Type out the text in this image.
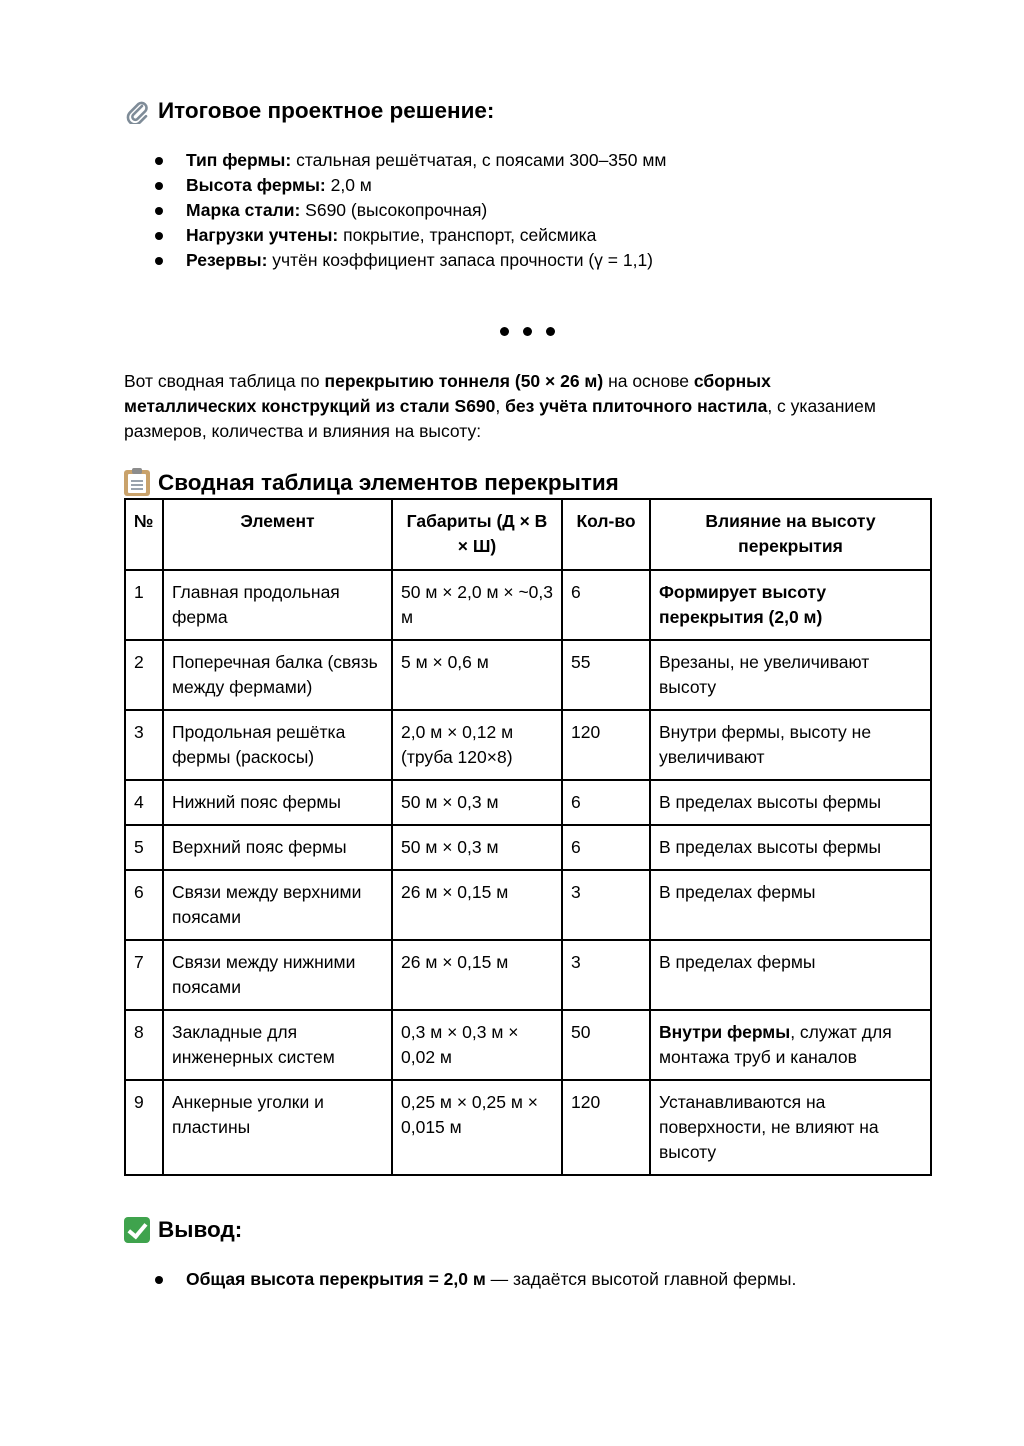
Итоговое проектное решение:
Тип фермы: стальная решётчатая, с поясами 300–350 мм
Высота фермы: 2,0 м
Марка стали: S690 (высокопрочная)
Нагрузки учтены: покрытие, транспорт, сейсмика
Резервы: учтён коэффициент запаса прочности (γ = 1,1)
Вот сводная таблица по перекрытию тоннеля (50 × 26 м) на основе сборных металлических конструкций из стали S690, без учёта плиточного настила, с указанием размеров, количества и влияния на высоту:
Сводная таблица элементов перекрытия
№	Элемент	Габариты (Д × В × Ш)	Кол-во	Влияние на высоту перекрытия
1	Главная продольная ферма	50 м × 2,0 м × ~0,3 м	6	Формирует высоту перекрытия (2,0 м)
2	Поперечная балка (связь между фермами)	5 м × 0,6 м	55	Врезаны, не увеличивают высоту
3	Продольная решётка фермы (раскосы)	2,0 м × 0,12 м (труба 120×8)	120	Внутри фермы, высоту не увеличивают
4	Нижний пояс фермы	50 м × 0,3 м	6	В пределах высоты фермы
5	Верхний пояс фермы	50 м × 0,3 м	6	В пределах высоты фермы
6	Связи между верхними поясами	26 м × 0,15 м	3	В пределах фермы
7	Связи между нижними поясами	26 м × 0,15 м	3	В пределах фермы
8	Закладные для инженерных систем	0,3 м × 0,3 м × 0,02 м	50	Внутри фермы, служат для монтажа труб и каналов
9	Анкерные уголки и пластины	0,25 м × 0,25 м × 0,015 м	120	Устанавливаются на поверхности, не влияют на высоту
Вывод:
Общая высота перекрытия = 2,0 м — задаётся высотой главной фермы.
